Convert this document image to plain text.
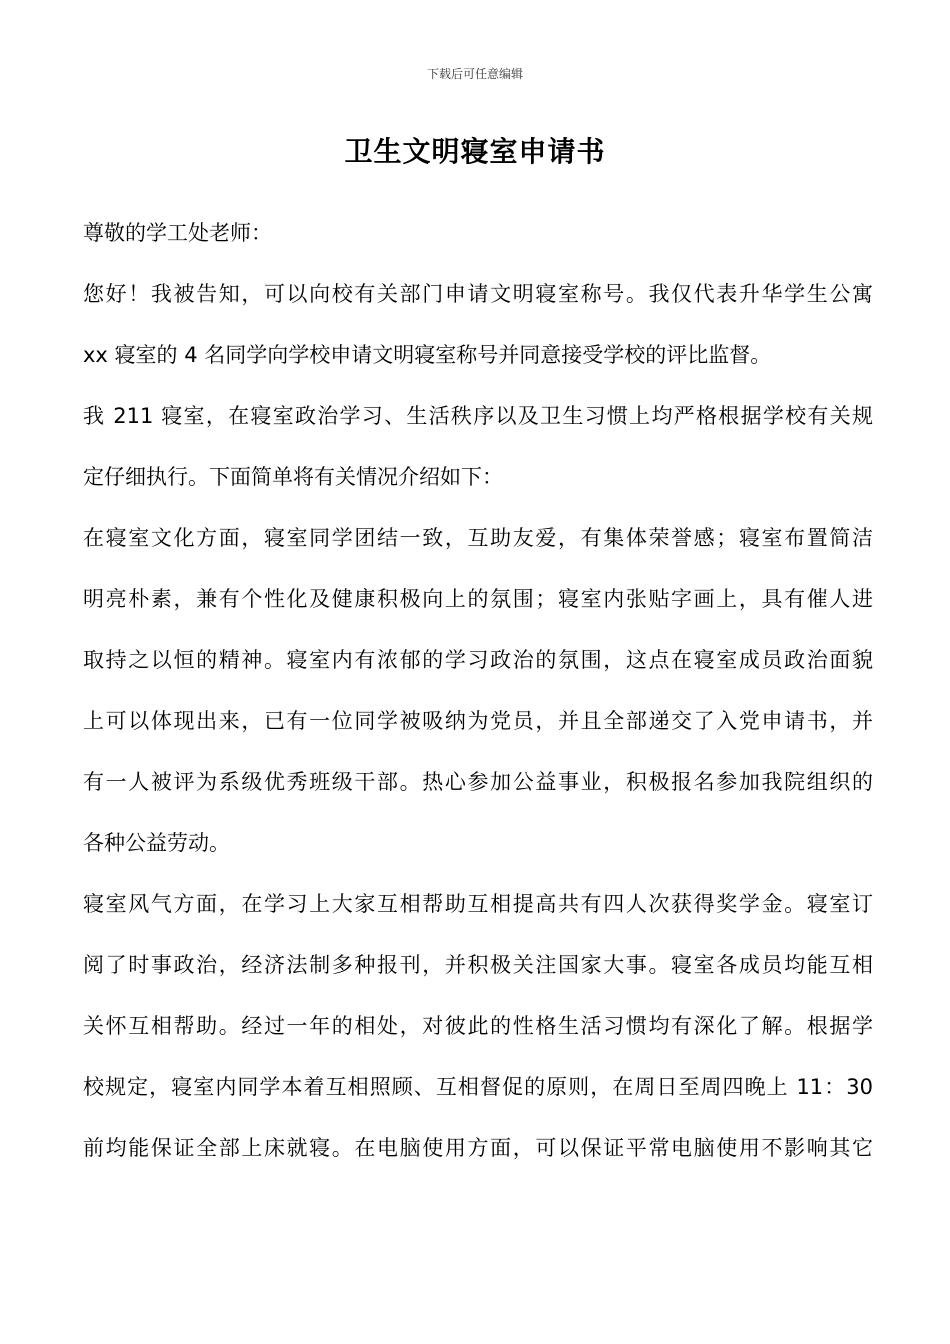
下载后可任意编辑
卫生文明寝室申请书
尊敬的学工处老师：
您好！我被告知，可以向校有关部门申请文明寝室称号。我仅代表升华学生公寓
xx 寝室的 4 名同学向学校申请文明寝室称号并同意接受学校的评比监督。
我 211 寝室，在寝室政治学习、生活秩序以及卫生习惯上均严格根据学校有关规
定仔细执行。下面简单将有关情况介绍如下：
在寝室文化方面，寝室同学团结一致，互助友爱，有集体荣誉感；寝室布置简洁
明亮朴素，兼有个性化及健康积极向上的氛围；寝室内张贴字画上，具有催人进
取持之以恒的精神。寝室内有浓郁的学习政治的氛围，这点在寝室成员政治面貌
上可以体现出来，已有一位同学被吸纳为党员，并且全部递交了入党申请书，并
有一人被评为系级优秀班级干部。热心参加公益事业，积极报名参加我院组织的
各种公益劳动。
寝室风气方面，在学习上大家互相帮助互相提高共有四人次获得奖学金。寝室订
阅了时事政治，经济法制多种报刊，并积极关注国家大事。寝室各成员均能互相
关怀互相帮助。经过一年的相处，对彼此的性格生活习惯均有深化了解。根据学
校规定，寝室内同学本着互相照顾、互相督促的原则，在周日至周四晚上 11：30
前均能保证全部上床就寝。在电脑使用方面，可以保证平常电脑使用不影响其它
